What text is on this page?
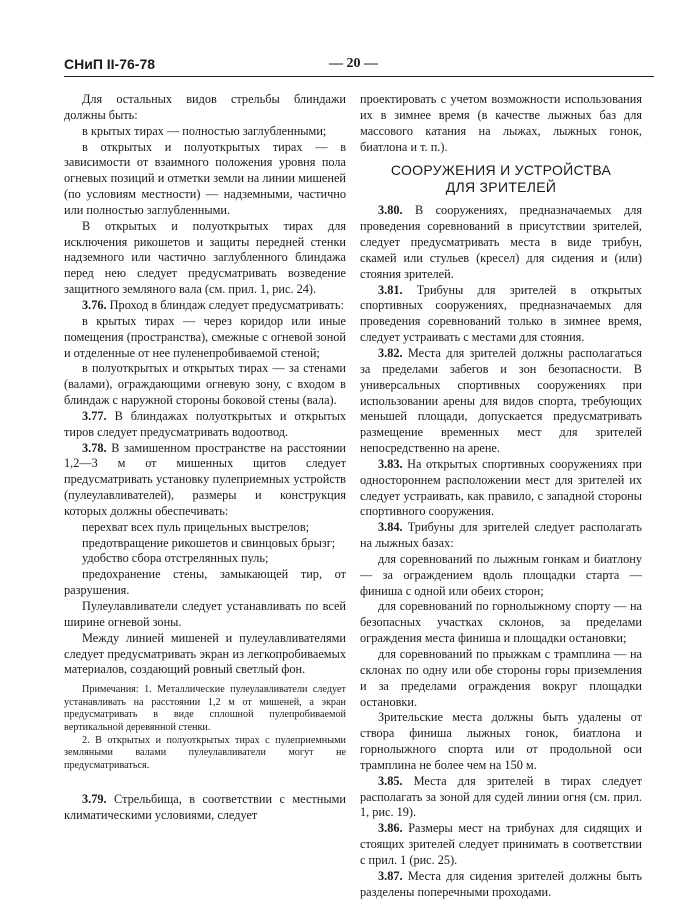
СНиП II-76-78	— 20 —

Для остальных видов стрельбы блиндажи должны быть:

в крытых тирах — полностью заглубленными;

в открытых и полуоткрытых тирах — в зависимости от взаимного положения уровня пола огневых позиций и отметки земли на линии мишеней (по условиям местности) — надземными, частично или полностью заглубленными.

В открытых и полуоткрытых тирах для исключения рикошетов и защиты передней стенки надземного или частично заглубленного блиндажа перед нею следует предусматривать возведение защитного земляного вала (см. прил. 1, рис. 24).

3.76. Проход в блиндаж следует предусматривать:

в крытых тирах — через коридор или иные помещения (пространства), смежные с огневой зоной и отделенные от нее пуленепробиваемой стеной;

в полуоткрытых и открытых тирах — за стенами (валами), ограждающими огневую зону, с входом в блиндаж с наружной стороны боковой стены (вала).

3.77. В блиндажах полуоткрытых и открытых тиров следует предусматривать водоотвод.

3.78. В замишенном пространстве на расстоянии 1,2—3 м от мишенных щитов следует предусматривать установку пулеприемных устройств (пулеулавливателей), размеры и конструкция которых должны обеспечивать:

перехват всех пуль прицельных выстрелов;

предотвращение рикошетов и свинцовых брызг;

удобство сбора отстрелянных пуль;

предохранение стены, замыкающей тир, от разрушения.

Пулеулавливатели следует устанавливать по всей ширине огневой зоны.

Между линией мишеней и пулеулавливателями следует предусматривать экран из легкопробиваемых материалов, создающий ровный светлый фон.

Примечания: 1. Металлические пулеулавливатели следует устанавливать на расстоянии 1,2 м от мишеней, а экран предусматривать в виде сплошной пулепробиваемой вертикальной деревянной стенки.

2. В открытых и полуоткрытых тирах с пулеприемными земляными валами пулеулавливатели могут не предусматриваться.

3.79. Стрельбища, в соответствии с местными климатическими условиями, следует

проектировать с учетом возможности использования их в зимнее время (в качестве лыжных баз для массового катания на лыжах, лыжных гонок, биатлона и т. п.).

СООРУЖЕНИЯ И УСТРОЙСТВА
ДЛЯ ЗРИТЕЛЕЙ

3.80. В сооружениях, предназначаемых для проведения соревнований в присутствии зрителей, следует предусматривать места в виде трибун, скамей или стульев (кресел) для сидения и (или) стояния зрителей.

3.81. Трибуны для зрителей в открытых спортивных сооружениях, предназначаемых для проведения соревнований только в зимнее время, следует устраивать с местами для стояния.

3.82. Места для зрителей должны располагаться за пределами забегов и зон безопасности. В универсальных спортивных сооружениях при использовании арены для видов спорта, требующих меньшей площади, допускается предусматривать размещение временных мест для зрителей непосредственно на арене.

3.83. На открытых спортивных сооружениях при одностороннем расположении мест для зрителей их следует устраивать, как правило, с западной стороны спортивного сооружения.

3.84. Трибуны для зрителей следует располагать на лыжных базах:

для соревнований по лыжным гонкам и биатлону — за ограждением вдоль площадки старта — финиша с одной или обеих сторон;

для соревнований по горнолыжному спорту — на безопасных участках склонов, за пределами ограждения места финиша и площадки остановки;

для соревнований по прыжкам с трамплина — на склонах по одну или обе стороны горы приземления и за пределами ограждения вокруг площадки остановки.

Зрительские места должны быть удалены от створа финиша лыжных гонок, биатлона и горнолыжного спорта или от продольной оси трамплина не более чем на 150 м.

3.85. Места для зрителей в тирах следует располагать за зоной для судей линии огня (см. прил. 1, рис. 19).

3.86. Размеры мест на трибунах для сидящих и стоящих зрителей следует принимать в соответствии с прил. 1 (рис. 25).

3.87. Места для сидения зрителей должны быть разделены поперечными проходами.
